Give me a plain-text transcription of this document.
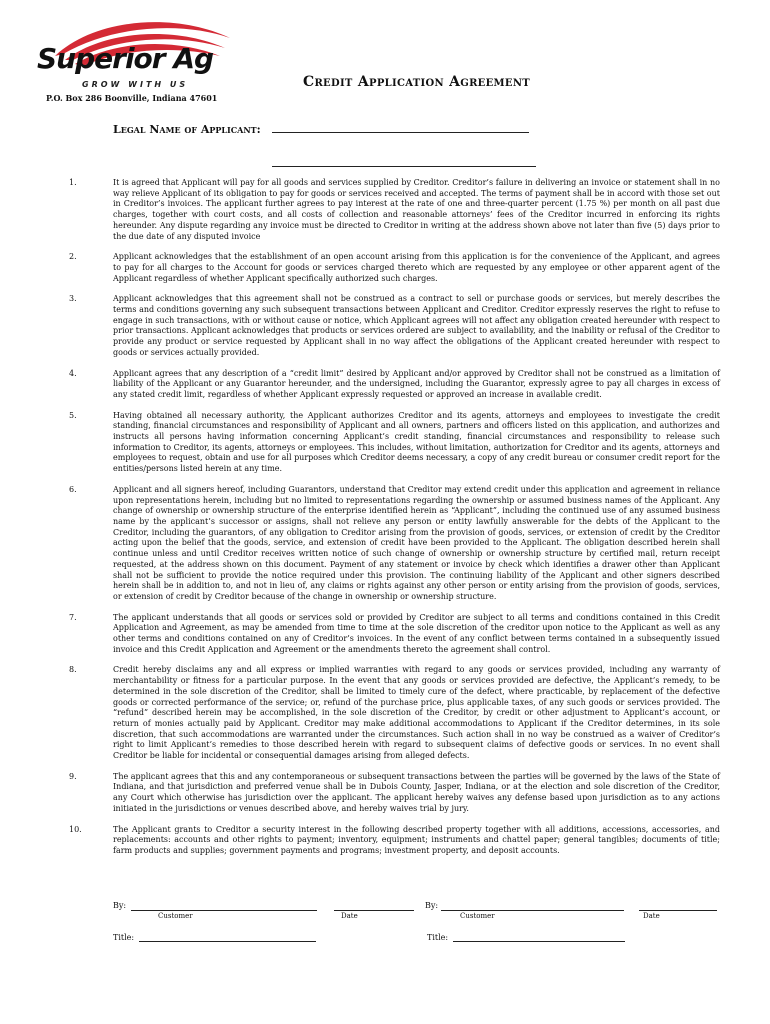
Superior Ag
GROW WITH US
P.O. Box 286 Boonville, Indiana 47601
Credit Application Agreement
Legal Name of Applicant:
1.	It is agreed that Applicant will pay for all goods and services supplied by Creditor. Creditor’s failure in delivering an invoice or statement shall in no way relieve Applicant of its obligation to pay for goods or services received and accepted. The terms of payment shall be in accord with those set out in Creditor’s invoices. The applicant further agrees to pay interest at the rate of one and three-quarter percent (1.75 %) per month on all past due charges, together with court costs, and all costs of collection and reasonable attorneys’ fees of the Creditor incurred in enforcing its rights hereunder. Any dispute regarding any invoice must be directed to Creditor in writing at the address shown above not later than five (5) days prior to the due date of any disputed invoice
2.	Applicant acknowledges that the establishment of an open account arising from this application is for the convenience of the Applicant, and agrees to pay for all charges to the Account for goods or services charged thereto which are requested by any employee or other apparent agent of the Applicant regardless of whether Applicant specifically authorized such charges.
3.	Applicant acknowledges that this agreement shall not be construed as a contract to sell or purchase goods or services, but merely describes the terms and conditions governing any such subsequent transactions between Applicant and Creditor. Creditor expressly reserves the right to refuse to engage in such transactions, with or without cause or notice, which Applicant agrees will not affect any obligation created hereunder with respect to prior transactions. Applicant acknowledges that products or services ordered are subject to availability, and the inability or refusal of the Creditor to provide any product or service requested by Applicant shall in no way affect the obligations of the Applicant created hereunder with respect to goods or services actually provided.
4.	Applicant agrees that any description of a “credit limit” desired by Applicant and/or approved by Creditor shall not be construed as a limitation of liability of the Applicant or any Guarantor hereunder, and the undersigned, including the Guarantor, expressly agree to pay all charges in excess of any stated credit limit, regardless of whether Applicant expressly requested or approved an increase in available credit.
5.	Having obtained all necessary authority, the Applicant authorizes Creditor and its agents, attorneys and employees to investigate the credit standing, financial circumstances and responsibility of Applicant and all owners, partners and officers listed on this application, and authorizes and instructs all persons having information concerning Applicant’s credit standing, financial circumstances and responsibility to release such information to Creditor, its agents, attorneys or employees. This includes, without limitation, authorization for Creditor and its agents, attorneys and employees to request, obtain and use for all purposes which Creditor deems necessary, a copy of any credit bureau or consumer credit report for the entities/persons listed herein at any time.
6.	Applicant and all signers hereof, including Guarantors, understand that Creditor may extend credit under this application and agreement in reliance upon representations herein, including but no limited to representations regarding the ownership or assumed business names of the Applicant. Any change of ownership or ownership structure of the enterprise identified herein as “Applicant”, including the continued use of any assumed business name by the applicant’s successor or assigns, shall not relieve any person or entity lawfully answerable for the debts of the Applicant to the Creditor, including the guarantors, of any obligation to Creditor arising from the provision of goods, services, or extension of credit by the Creditor acting upon the belief that the goods, service, and extension of credit have been provided to the Applicant. The obligation described herein shall continue unless and until Creditor receives written notice of such change of ownership or ownership structure by certified mail, return receipt requested, at the address shown on this document. Payment of any statement or invoice by check which identifies a drawer other than Applicant shall not be sufficient to provide the notice required under this provision. The continuing liability of the Applicant and other signers described herein shall be in addition to, and not in lieu of, any claims or rights against any other person or entity arising from the provision of goods, services, or extension of credit by Creditor because of the change in ownership or ownership structure.
7.	The applicant understands that all goods or services sold or provided by Creditor are subject to all terms and conditions contained in this Credit Application and Agreement, as may be amended from time to time at the sole discretion of the creditor upon notice to the Applicant as well as any other terms and conditions contained on any of Creditor’s invoices. In the event of any conflict between terms contained in a subsequently issued invoice and this Credit Application and Agreement or the amendments thereto the agreement shall control.
8.	Credit hereby disclaims any and all express or implied warranties with regard to any goods or services provided, including any warranty of merchantability or fitness for a particular purpose. In the event that any goods or services provided are defective, the Applicant’s remedy, to be determined in the sole discretion of the Creditor, shall be limited to timely cure of the defect, where practicable, by replacement of the defective goods or corrected performance of the service; or, refund of the purchase price, plus applicable taxes, of any such goods or services provided. The “refund” described herein may be accomplished, in the sole discretion of the Creditor, by credit or other adjustment to Applicant’s account, or return of monies actually paid by Applicant. Creditor may make additional accommodations to Applicant if the Creditor determines, in its sole discretion, that such accommodations are warranted under the circumstances. Such action shall in no way be construed as a waiver of Creditor’s right to limit Applicant’s remedies to those described herein with regard to subsequent claims of defective goods or services. In no event shall Creditor be liable for incidental or consequential damages arising from alleged defects.
9.	The applicant agrees that this and any contemporaneous or subsequent transactions between the parties will be governed by the laws of the State of Indiana, and that jurisdiction and preferred venue shall be in Dubois County, Jasper, Indiana, or at the election and sole discretion of the Creditor, any Court which otherwise has jurisdiction over the applicant. The applicant hereby waives any defense based upon jurisdiction as to any actions initiated in the jurisdictions or venues described above, and hereby waives trial by jury.
10.	The Applicant grants to Creditor a security interest in the following described property together with all additions, accessions, accessories, and replacements: accounts and other rights to payment; inventory, equipment; instruments and chattel paper; general tangibles; documents of title; farm products and supplies; government payments and programs; investment property, and deposit accounts.
By:
Customer	Date
By:
Customer	Date
Title:	Title:
